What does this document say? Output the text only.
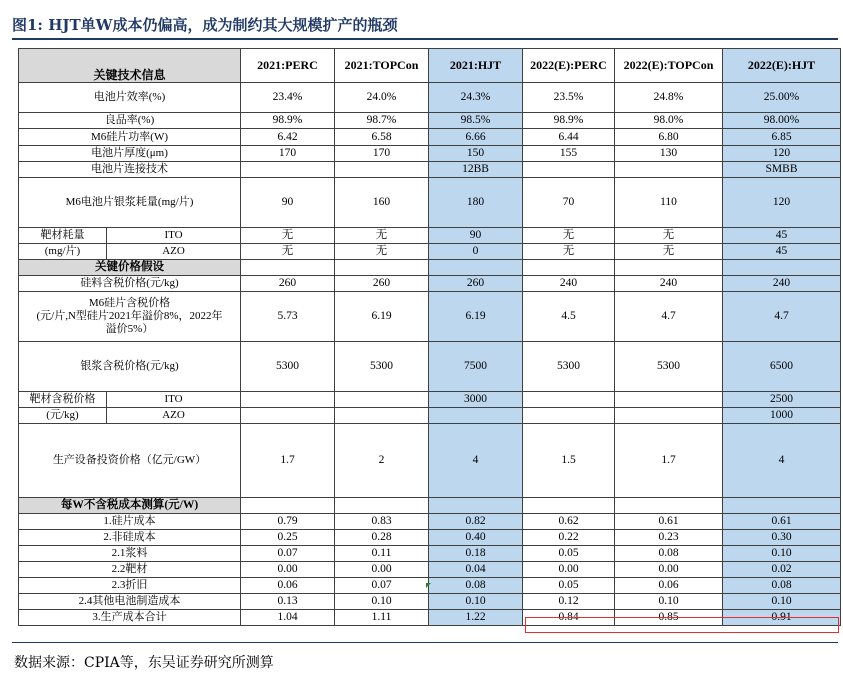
图1: HJT单W成本仍偏高，成为制约其大规模扩产的瓶颈
关键技术信息		2021:PERC	2021:TOPCon	2021:HJT	2022(E):PERC	2022(E):TOPCon	2022(E):HJT
电池片效率(%)		23.4%	24.0%	24.3%	23.5%	24.8%	25.00%
良品率(%)		98.9%	98.7%	98.5%	98.9%	98.0%	98.00%
M6硅片功率(W)		6.42	6.58	6.66	6.44	6.80	6.85
电池片厚度(μm)		170	170	150	155	130	120
电池片连接技术				12BB			SMBB
M6电池片银浆耗量(mg/片)		90	160	180	70	110	120

靶材耗量	ITO	无	无	90	无	无	45
(mg/片)	AZO	无	无	0	无	无	45
关键价格假设							
硅料含税价格(元/kg)		260	260	260	240	240	240

M6硅片含税价格
(元/片,N型硅片2021年溢价8%，2022年
溢价5%）		5.73	6.19	6.19	4.5	4.7	4.7
银浆含税价格(元/kg)		5300	5300	7500	5300	5300	6500

靶材含税价格	ITO			3000			2500
(元/kg)	AZO						1000
生产设备投资价格（亿元/GW）		1.7	2	4	1.5	1.7	4
每W不含税成本测算(元/W)							
1.硅片成本		0.79	0.83	0.82	0.62	0.61	0.61
2.非硅成本		0.25	0.28	0.40	0.22	0.23	0.30
2.1浆料		0.07	0.11	0.18	0.05	0.08	0.10
2.2靶材		0.00	0.00	0.04	0.00	0.00	0.02
2.3折旧		0.06	0.07	0.08	0.05	0.06	0.08
2.4其他电池制造成本		0.13	0.10	0.10	0.12	0.10	0.10
3.生产成本合计		1.04	1.11	1.22	0.84	0.85	0.91
数据来源：CPIA等，东吴证券研究所测算
